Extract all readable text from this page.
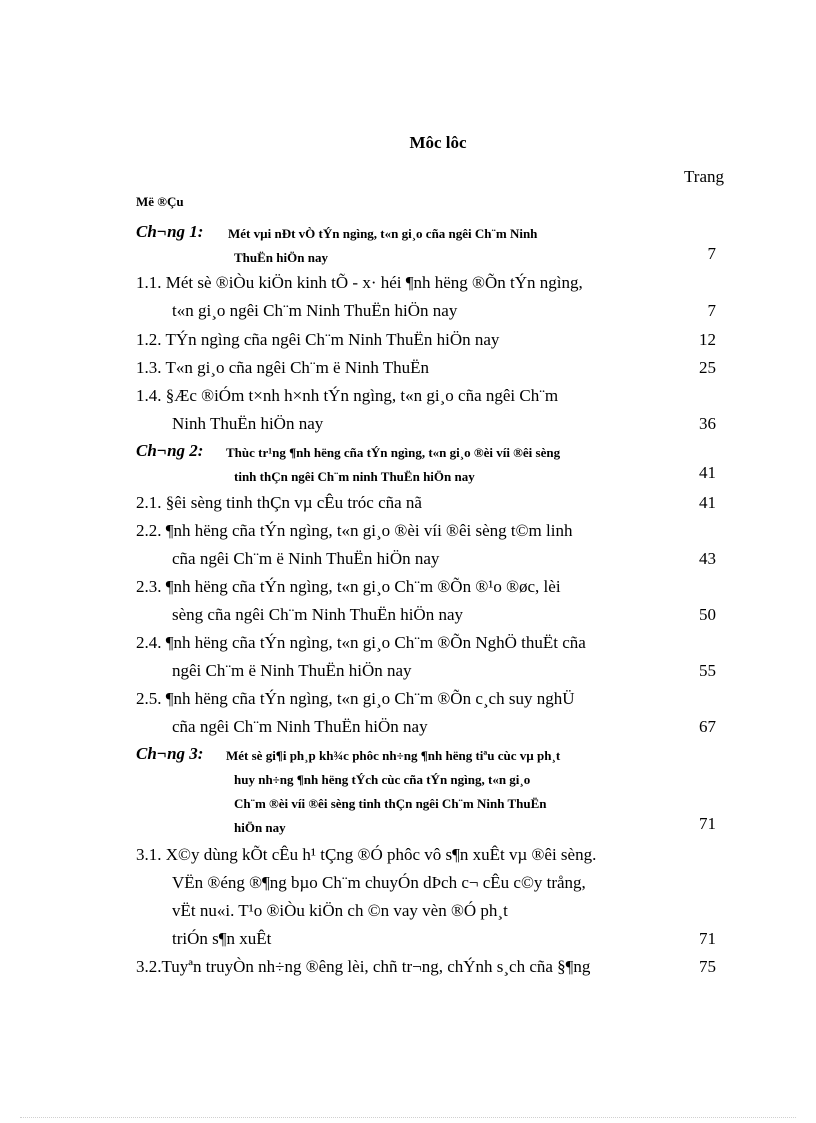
Môc lôc
Trang
Më ®Çu
Ch¬ng 1: Mét vµi nÐt vÒ tÝn ngìng, t«n gi¸o cña ngêi Ch¨m Ninh
ThuËn hiÖn nay	7
1.1. Mét sè ®iÒu kiÖn kinh tÕ - x· héi ¶nh hëng ®Õn tÝn ngìng,
t«n gi¸o ngêi Ch¨m Ninh ThuËn hiÖn nay	7
1.2. TÝn ngìng cña ngêi Ch¨m Ninh ThuËn hiÖn nay	12
1.3. T«n gi¸o cña ngêi Ch¨m ë Ninh ThuËn	25
1.4. §Æc ®iÓm t×nh h×nh tÝn ngìng, t«n gi¸o cña ngêi Ch¨m
Ninh ThuËn hiÖn nay	36
Ch¬ng 2: Thùc tr¹ng ¶nh hëng cña tÝn ngìng, t«n gi¸o ®èi víi ®êi sèng
tinh thÇn ngêi Ch¨m ninh ThuËn hiÖn nay	41
2.1. §êi sèng tinh thÇn vµ cÊu tróc cña nã	41
2.2. ¶nh hëng cña tÝn ngìng, t«n gi¸o ®èi víi ®êi sèng t©m linh
cña ngêi Ch¨m ë Ninh ThuËn hiÖn nay	43
2.3. ¶nh hëng cña tÝn ngìng, t«n gi¸o Ch¨m ®Õn ®¹o ®øc, lèi
sèng cña ngêi Ch¨m Ninh ThuËn hiÖn nay	50
2.4. ¶nh hëng cña tÝn ngìng, t«n gi¸o Ch¨m ®Õn NghÖ thuËt cña
ngêi Ch¨m ë Ninh ThuËn hiÖn nay	55
2.5. ¶nh hëng cña tÝn ngìng, t«n gi¸o Ch¨m ®Õn c¸ch suy nghÜ
cña ngêi Ch¨m Ninh ThuËn hiÖn nay	67
Ch¬ng 3: Mét sè gi¶i ph¸p kh¾c phôc nh÷ng ¶nh hëng tiªu cùc vµ ph¸t
huy nh÷ng ¶nh hëng tÝch cùc cña tÝn ngìng, t«n gi¸o
Ch¨m ®èi víi ®êi sèng tinh thÇn ngêi Ch¨m Ninh ThuËn
hiÖn nay	71
3.1. X©y dùng kÕt cÊu h¹ tÇng ®Ó phôc vô s¶n xuÊt vµ ®êi sèng.
VËn ®éng ®¶ng bµo Ch¨m chuyÓn dÞch c¬ cÊu c©y trång,
vËt nu«i. T¹o ®iÒu kiÖn ch ©n vay vèn ®Ó ph¸t
triÓn s¶n xuÊt	71
3.2.Tuyªn truyÒn nh÷ng ®êng lèi, chñ tr¬ng, chÝnh s¸ch cña §¶ng	75
